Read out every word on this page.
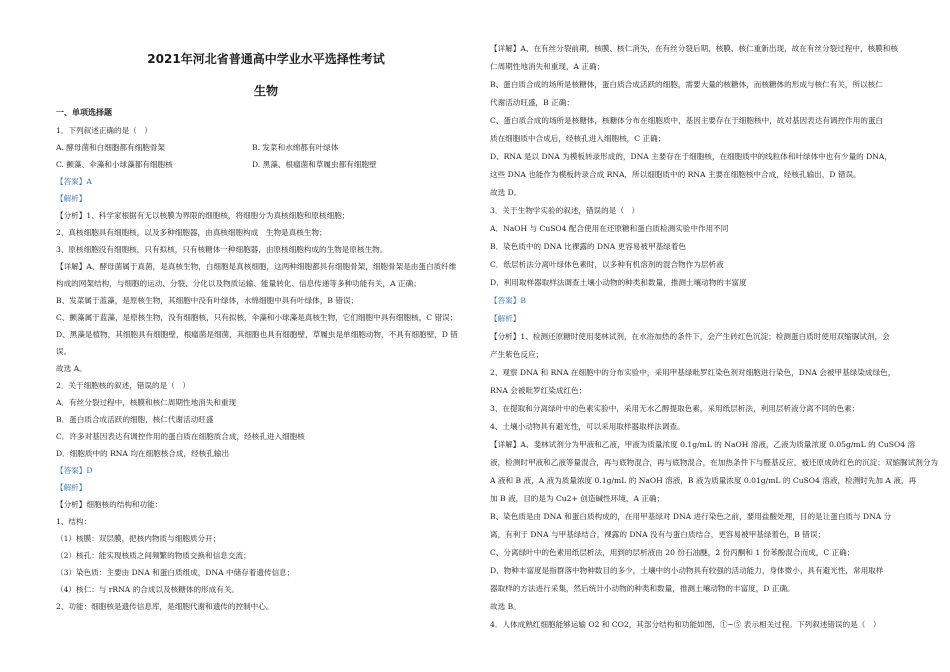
2021年河北省普通高中学业水平选择性考试
生物
一、单项选择题
1．下列叙述正确的是（　）
A. 酵母菌和白细胞都有细胞骨架	B. 发菜和水绵都有叶绿体
C. 颤藻、伞藻和小球藻都有细胞核	D. 黑藻、根瘤菌和草履虫都有细胞壁
【答案】A
【解析】
【分析】1、科学家根据有无以核膜为界限的细胞核，将细胞分为真核细胞和原核细胞；
2、真核细胞具有细胞核，以及多种细胞器，由真核细胞构成　生物是真核生物；
3、原核细胞没有细胞核，只有拟核，只有核糖体一种细胞器，由原核细胞构成的生物是原核生物。
【详解】A、酵母菌属于真菌，是真核生物，白细胞是真核细胞，这两种细胞都具有细胞骨架，细胞骨架是由蛋白质纤维
构成的网架结构，与细胞的运动、分裂、分化以及物质运输、能量转化、信息传递等多种功能有关，A 正确；
B、发菜属于蓝藻，是原核生物，其细胞中没有叶绿体，水绵细胞中具有叶绿体，B 错误；
C、颤藻属于蓝藻，是原核生物，没有细胞核，只有拟核，伞藻和小球藻是真核生物，它们细胞中具有细胞核，C 错误；
D、黑藻是植物，其细胞具有细胞壁，根瘤菌是细菌，其细胞也具有细胞壁，草履虫是单细胞动物，不具有细胞壁，D 错
误。
故选 A。
2．关于细胞核的叙述，错误的是（　）
A．有丝分裂过程中，核膜和核仁周期性地消失和重现
B．蛋白质合成活跃的细胞，核仁代谢活动旺盛
C．许多对基因表达有调控作用的蛋白质在细胞质合成，经核孔进入细胞核
D．细胞质中的 RNA 均在细胞核合成，经核孔输出
【答案】D
【解析】
【分析】细胞核的结构和功能：
1、结构：
（1）核膜：双层膜，把核内物质与细胞质分开；
（2）核孔：能实现核质之间频繁的物质交换和信息交流；
（3）染色质：主要由 DNA 和蛋白质组成，DNA 中储存着遗传信息；
（4）核仁：与 rRNA 的合成以及核糖体的形成有关。
2、功能：细胞核是遗传信息库，是细胞代谢和遗传的控制中心。
【详解】A、在有丝分裂前期，核膜、核仁消失，在有丝分裂后期，核膜、核仁重新出现，故在有丝分裂过程中，核膜和核
仁周期性地消失和重现，A 正确；
B、蛋白质合成的场所是核糖体，蛋白质合成活跃的细胞，需要大量的核糖体，而核糖体的形成与核仁有关，所以核仁
代谢活动旺盛，B 正确；
C、蛋白质合成的场所是核糖体，核糖体分布在细胞质中，基因主要存在于细胞核中，故对基因表达有调控作用的蛋白
质在细胞质中合成后，经核孔进入细胞核，C 正确；
D、RNA 是以 DNA 为模板转录形成的，DNA 主要存在于细胞核，在细胞质中的线粒体和叶绿体中也有少量的 DNA，
这些 DNA 也能作为模板转录合成 RNA，所以细胞质中的 RNA 主要在细胞核中合成，经核孔输出，D 错误。
故选 D。
3．关于生物学实验的叙述，错误的是（　）
A．NaOH 与 CuSO4 配合使用在还原糖和蛋白质检测实验中作用不同
B．染色质中的 DNA 比裸露的 DNA 更容易被甲基绿着色
C．纸层析法分离叶绿体色素时，以多种有机溶剂的混合物作为层析液
D．利用取样器取样法调查土壤小动物的种类和数量，推测土壤动物的丰富度
【答案】B
【解析】
【分析】1、检测还原糖时使用斐林试剂，在水浴加热的条件下，会产生砖红色沉淀；检测蛋白质时使用双缩脲试剂，会
产生紫色反应；
2、观察 DNA 和 RNA 在细胞中的分布实验中，采用甲基绿吡罗红染色剂对细胞进行染色，DNA 会被甲基绿染成绿色，
RNA 会被吡罗红染成红色；
3、在提取和分离绿叶中的色素实验中，采用无水乙醇提取色素，采用纸层析法，利用层析液分离不同的色素；
4、土壤小动物具有避光性，可以采用取样器取样法调查。
【详解】A、斐林试剂分为甲液和乙液，甲液为质量浓度 0.1g/mL 的 NaOH 溶液，乙液为质量浓度 0.05g/mL 的 CuSO4 溶
液，检测时甲液和乙液等量混合，再与底物混合，再与底物混合，在加热条件下与醛基反应，被还原成砖红色的沉淀；双缩脲试剂分为
A 液和 B 液，A 液为质量浓度 0.1g/mL 的 NaOH 溶液，B 液为质量浓度 0.01g/mL 的 CuSO4 溶液，检测时先加 A 液，再
加 B 液，目的是为 Cu2+ 创造碱性环境，A 正确；
B、染色质是由 DNA 和蛋白质构成的，在用甲基绿对 DNA 进行染色之前，要用盐酸处理，目的是让蛋白质与 DNA 分
离，有利于 DNA 与甲基绿结合，裸露的 DNA 没有与蛋白质结合，更容易被甲基绿着色，B 错误；
C、分离绿叶中的色素用纸层析法，用到的层析液由 20 份石油醚，2 份丙酮和 1 份苯酚混合而成，C 正确；
D、物种丰富度是指群落中物种数目的多少，土壤中的小动物具有较强的活动能力，身体微小，具有避光性，常用取样
器取样的方法进行采集，然后统计小动物的种类和数量，推测土壤动物的丰富度，D 正确。
故选 B。
4．人体成熟红细胞能够运输 O2 和 CO2，其部分结构和功能如图，①~⑤ 表示相关过程。下列叙述错误的是（　）
